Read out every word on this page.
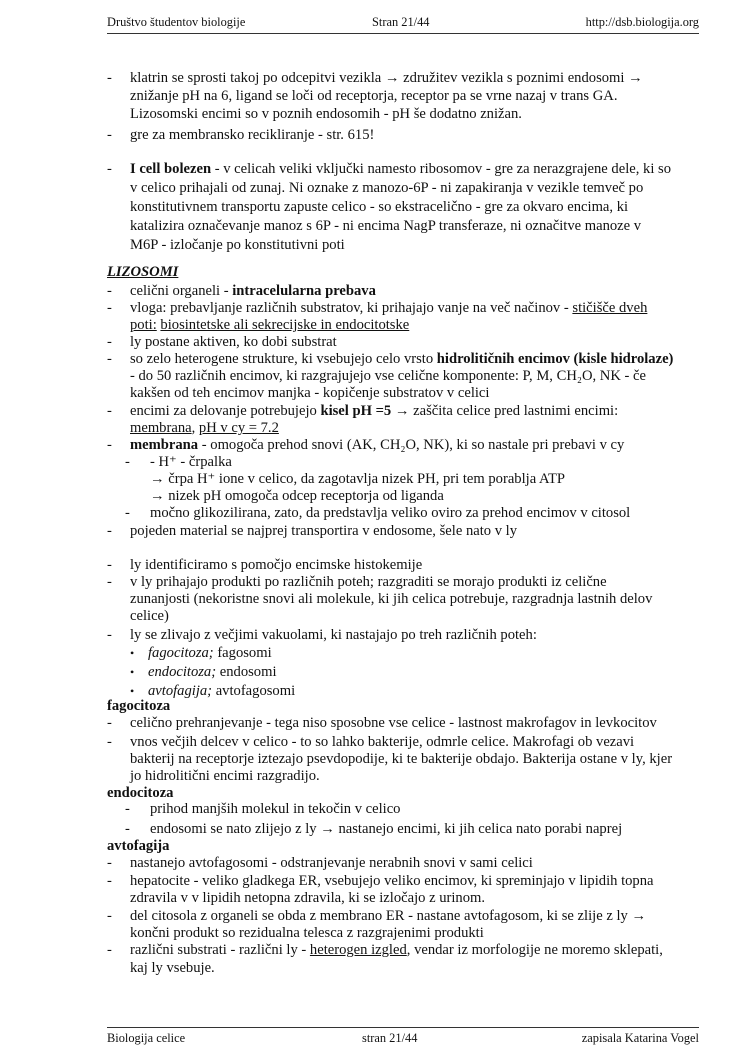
Društvo študentov biologije	Stran 21/44	http://dsb.biologija.org
-
-
-
-
-
-
-
-
-
-
-
-
-
-
-
-
-
-
-
-
-
-
-
•
•
•
klatrin se sprosti takoj po odcepitvi vezikla → združitev vezikla s poznimi endosomi →
znižanje pH na 6, ligand se loči od receptorja, receptor pa se vrne nazaj v trans GA.
Lizosomski encimi so v poznih endosomih - pH še dodatno znižan.
gre za membransko recikliranje - str. 615!
I cell bolezen - v celicah veliki vključki namesto ribosomov - gre za nerazgrajene dele, ki so
v celico prihajali od zunaj. Ni oznake z manozo-6P - ni zapakiranja v vezikle temveč po
konstitutivnem transportu zapuste celico - so ekstracelično - gre za okvaro encima, ki
katalizira označevanje manoz s 6P - ni encima NagP transferaze, ni označitve manoze v
M6P - izločanje po konstitutivni poti
LIZOSOMI
celični organeli - intracelularna prebava
vloga: prebavljanje različnih substratov, ki prihajajo vanje na več načinov - stičišče dveh
poti: biosintetske ali sekrecijske in endocitotske
ly postane aktiven, ko dobi substrat
so zelo heterogene strukture, ki vsebujejo celo vrsto hidrolitičnih encimov (kisle hidrolaze)
- do 50 različnih encimov, ki razgrajujejo vse celične komponente: P, M, CH₂O, NK - če
kakšen od teh encimov manjka - kopičenje substratov v celici
encimi za delovanje potrebujejo kisel pH =5 → zaščita celice pred lastnimi encimi:
membrana, pH v cy = 7.2
membrana - omogoča prehod snovi (AK, CH₂O, NK), ki so nastale pri prebavi v cy
- H⁺ - črpalka
→ črpa H⁺ ione v celico, da zagotavlja nizek PH, pri tem porablja ATP
→ nizek pH omogoča odcep receptorja od liganda
močno glikozilirana, zato, da predstavlja veliko oviro za prehod encimov v citosol
pojeden material se najprej transportira v endosome, šele nato v ly
ly identificiramo s pomočjo encimske histokemije
v ly prihajajo produkti po različnih poteh; razgraditi se morajo produkti iz celične
zunanjosti (nekoristne snovi ali molekule, ki jih celica potrebuje, razgradnja lastnih delov
celice)
ly se zlivajo z večjimi vakuolami, ki nastajajo po treh različnih poteh:
fagocitoza; fagosomi
endocitoza; endosomi
avtofagija; avtofagosomi
fagocitoza
celično prehranjevanje - tega niso sposobne vse celice - lastnost makrofagov in levkocitov
vnos večjih delcev v celico - to so lahko bakterije, odmrle celice. Makrofagi ob vezavi
bakterij na receptorje iztezajo psevdopodije, ki te bakterije obdajo. Bakterija ostane v ly, kjer
jo hidrolitični encimi razgradijo.
endocitoza
prihod manjših molekul in tekočin v celico
endosomi se nato zlijejo z ly → nastanejo encimi, ki jih celica nato porabi naprej
avtofagija
nastanejo avtofagosomi - odstranjevanje nerabnih snovi v sami celici
hepatocite - veliko gladkega ER, vsebujejo veliko encimov, ki spreminjajo v lipidih topna
zdravila v v lipidih netopna zdravila, ki se izločajo z urinom.
del citosola z organeli se obda z membrano ER - nastane avtofagosom, ki se zlije z ly →
končni produkt so rezidualna telesca z razgrajenimi produkti
različni substrati - različni ly - heterogen izgled, vendar iz morfologije ne moremo sklepati,
kaj ly vsebuje.
Biologija celice	stran 21/44	zapisala Katarina Vogel
